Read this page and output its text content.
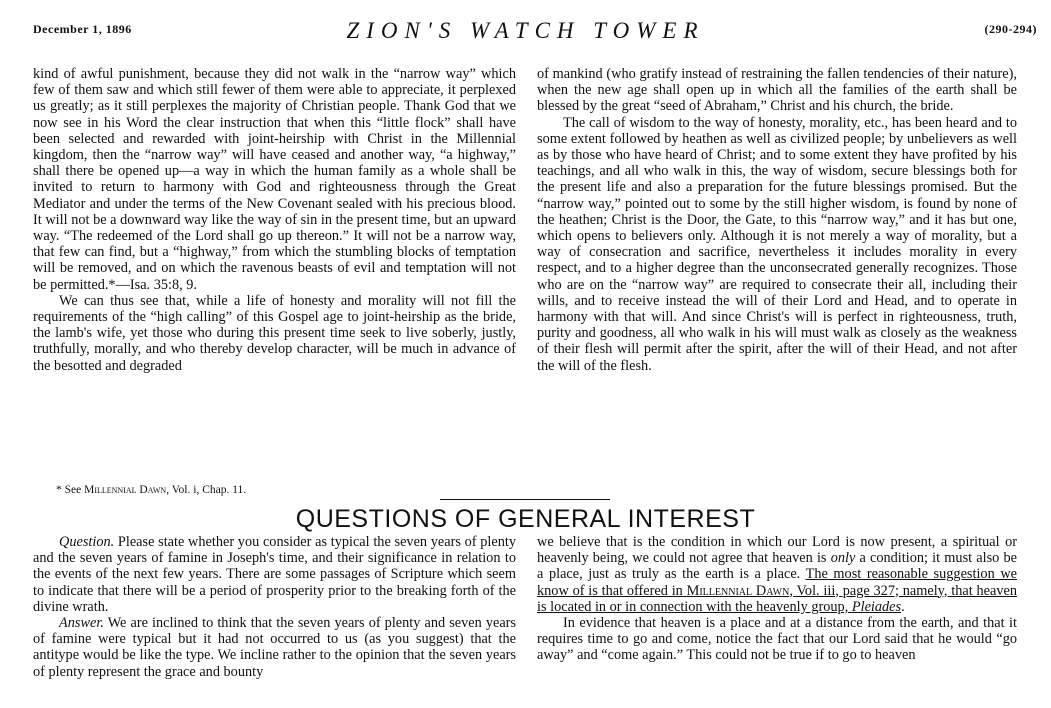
December 1, 1896	ZION'S WATCH TOWER	(290-294)

kind of awful punishment, because they did not walk in the “narrow way” which few of them saw and which still fewer of them were able to appreciate, it perplexed us greatly; as it still perplexes the majority of Christian people. Thank God that we now see in his Word the clear instruction that when this “little flock” shall have been selected and rewarded with joint-heirship with Christ in the Millennial kingdom, then the “narrow way” will have ceased and another way, “a highway,” shall there be opened up—a way in which the human family as a whole shall be invited to return to harmony with God and righteousness through the Great Mediator and under the terms of the New Covenant sealed with his precious blood. It will not be a downward way like the way of sin in the present time, but an upward way. “The redeemed of the Lord shall go up thereon.” It will not be a narrow way, that few can find, but a “highway,” from which the stumbling blocks of temptation will be removed, and on which the ravenous beasts of evil and temptation will not be permitted.*—Isa. 35:8, 9.

We can thus see that, while a life of honesty and morality will not fill the requirements of the “high calling” of this Gospel age to joint-heirship as the bride, the lamb's wife, yet those who during this present time seek to live soberly, justly, truthfully, morally, and who thereby develop character, will be much in advance of the besotted and degraded

* See Millennial Dawn, Vol. i, Chap. 11.

of mankind (who gratify instead of restraining the fallen tendencies of their nature), when the new age shall open up in which all the families of the earth shall be blessed by the great “seed of Abraham,” Christ and his church, the bride.

The call of wisdom to the way of honesty, morality, etc., has been heard and to some extent followed by heathen as well as civilized people; by unbelievers as well as by those who have heard of Christ; and to some extent they have profited by his teachings, and all who walk in this, the way of wisdom, secure blessings both for the present life and also a preparation for the future blessings promised. But the “narrow way,” pointed out to some by the still higher wisdom, is found by none of the heathen; Christ is the Door, the Gate, to this “narrow way,” and it has but one, which opens to believers only. Although it is not merely a way of morality, but a way of consecration and sacrifice, nevertheless it includes morality in every respect, and to a higher degree than the unconsecrated generally recognizes. Those who are on the “narrow way” are required to consecrate their all, including their wills, and to receive instead the will of their Lord and Head, and to operate in harmony with that will. And since Christ's will is perfect in righteousness, truth, purity and goodness, all who walk in his will must walk as closely as the weakness of their flesh will permit after the spirit, after the will of their Head, and not after the will of the flesh.

QUESTIONS OF GENERAL INTEREST

Question. Please state whether you consider as typical the seven years of plenty and the seven years of famine in Joseph's time, and their significance in relation to the events of the next few years. There are some passages of Scripture which seem to indicate that there will be a period of prosperity prior to the breaking forth of the divine wrath.

Answer. We are inclined to think that the seven years of plenty and seven years of famine were typical but it had not occurred to us (as you suggest) that the antitype would be like the type. We incline rather to the opinion that the seven years of plenty represent the grace and bounty

we believe that is the condition in which our Lord is now present, a spiritual or heavenly being, we could not agree that heaven is only a condition; it must also be a place, just as truly as the earth is a place. The most reasonable suggestion we know of is that offered in Millennial Dawn, Vol. iii, page 327; namely, that heaven is located in or in connection with the heavenly group, Pleiades.

In evidence that heaven is a place and at a distance from the earth, and that it requires time to go and come, notice the fact that our Lord said that he would “go away” and “come again.” This could not be true if to go to heaven
